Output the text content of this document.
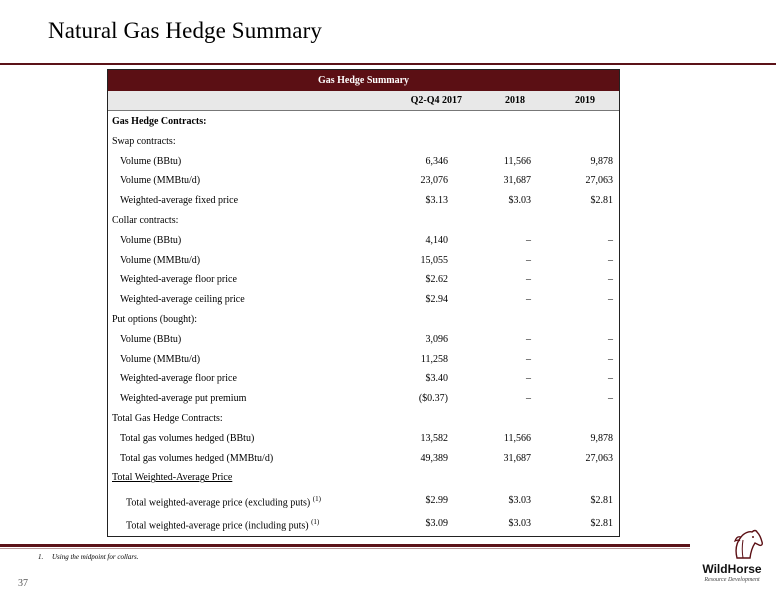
Natural Gas Hedge Summary
Gas Hedge Summary
Q2-Q4 2017	2018	2019
Gas Hedge Contracts:
Swap contracts:
Volume (BBtu)	6,346	11,566	9,878
Volume (MMBtu/d)	23,076	31,687	27,063
Weighted-average fixed price	$3.13	$3.03	$2.81
Collar contracts:
Volume (BBtu)	4,140	–	–
Volume (MMBtu/d)	15,055	–	–
Weighted-average floor price	$2.62	–	–
Weighted-average ceiling price	$2.94	–	–
Put options (bought):
Volume (BBtu)	3,096	–	–
Volume (MMBtu/d)	11,258	–	–
Weighted-average floor price	$3.40	–	–
Weighted-average put premium	($0.37)	–	–
Total Gas Hedge Contracts:
Total gas volumes hedged (BBtu)	13,582	11,566	9,878
Total gas volumes hedged (MMBtu/d)	49,389	31,687	27,063
Total Weighted-Average Price
Total weighted-average price (excluding puts) $^{(1)}$	$2.99	$3.03	$2.81
Total weighted-average price (including puts) $^{(1)}$	$3.09	$3.03	$2.81
1. Using the midpoint for collars.
37
WildHorse
Resource Development
